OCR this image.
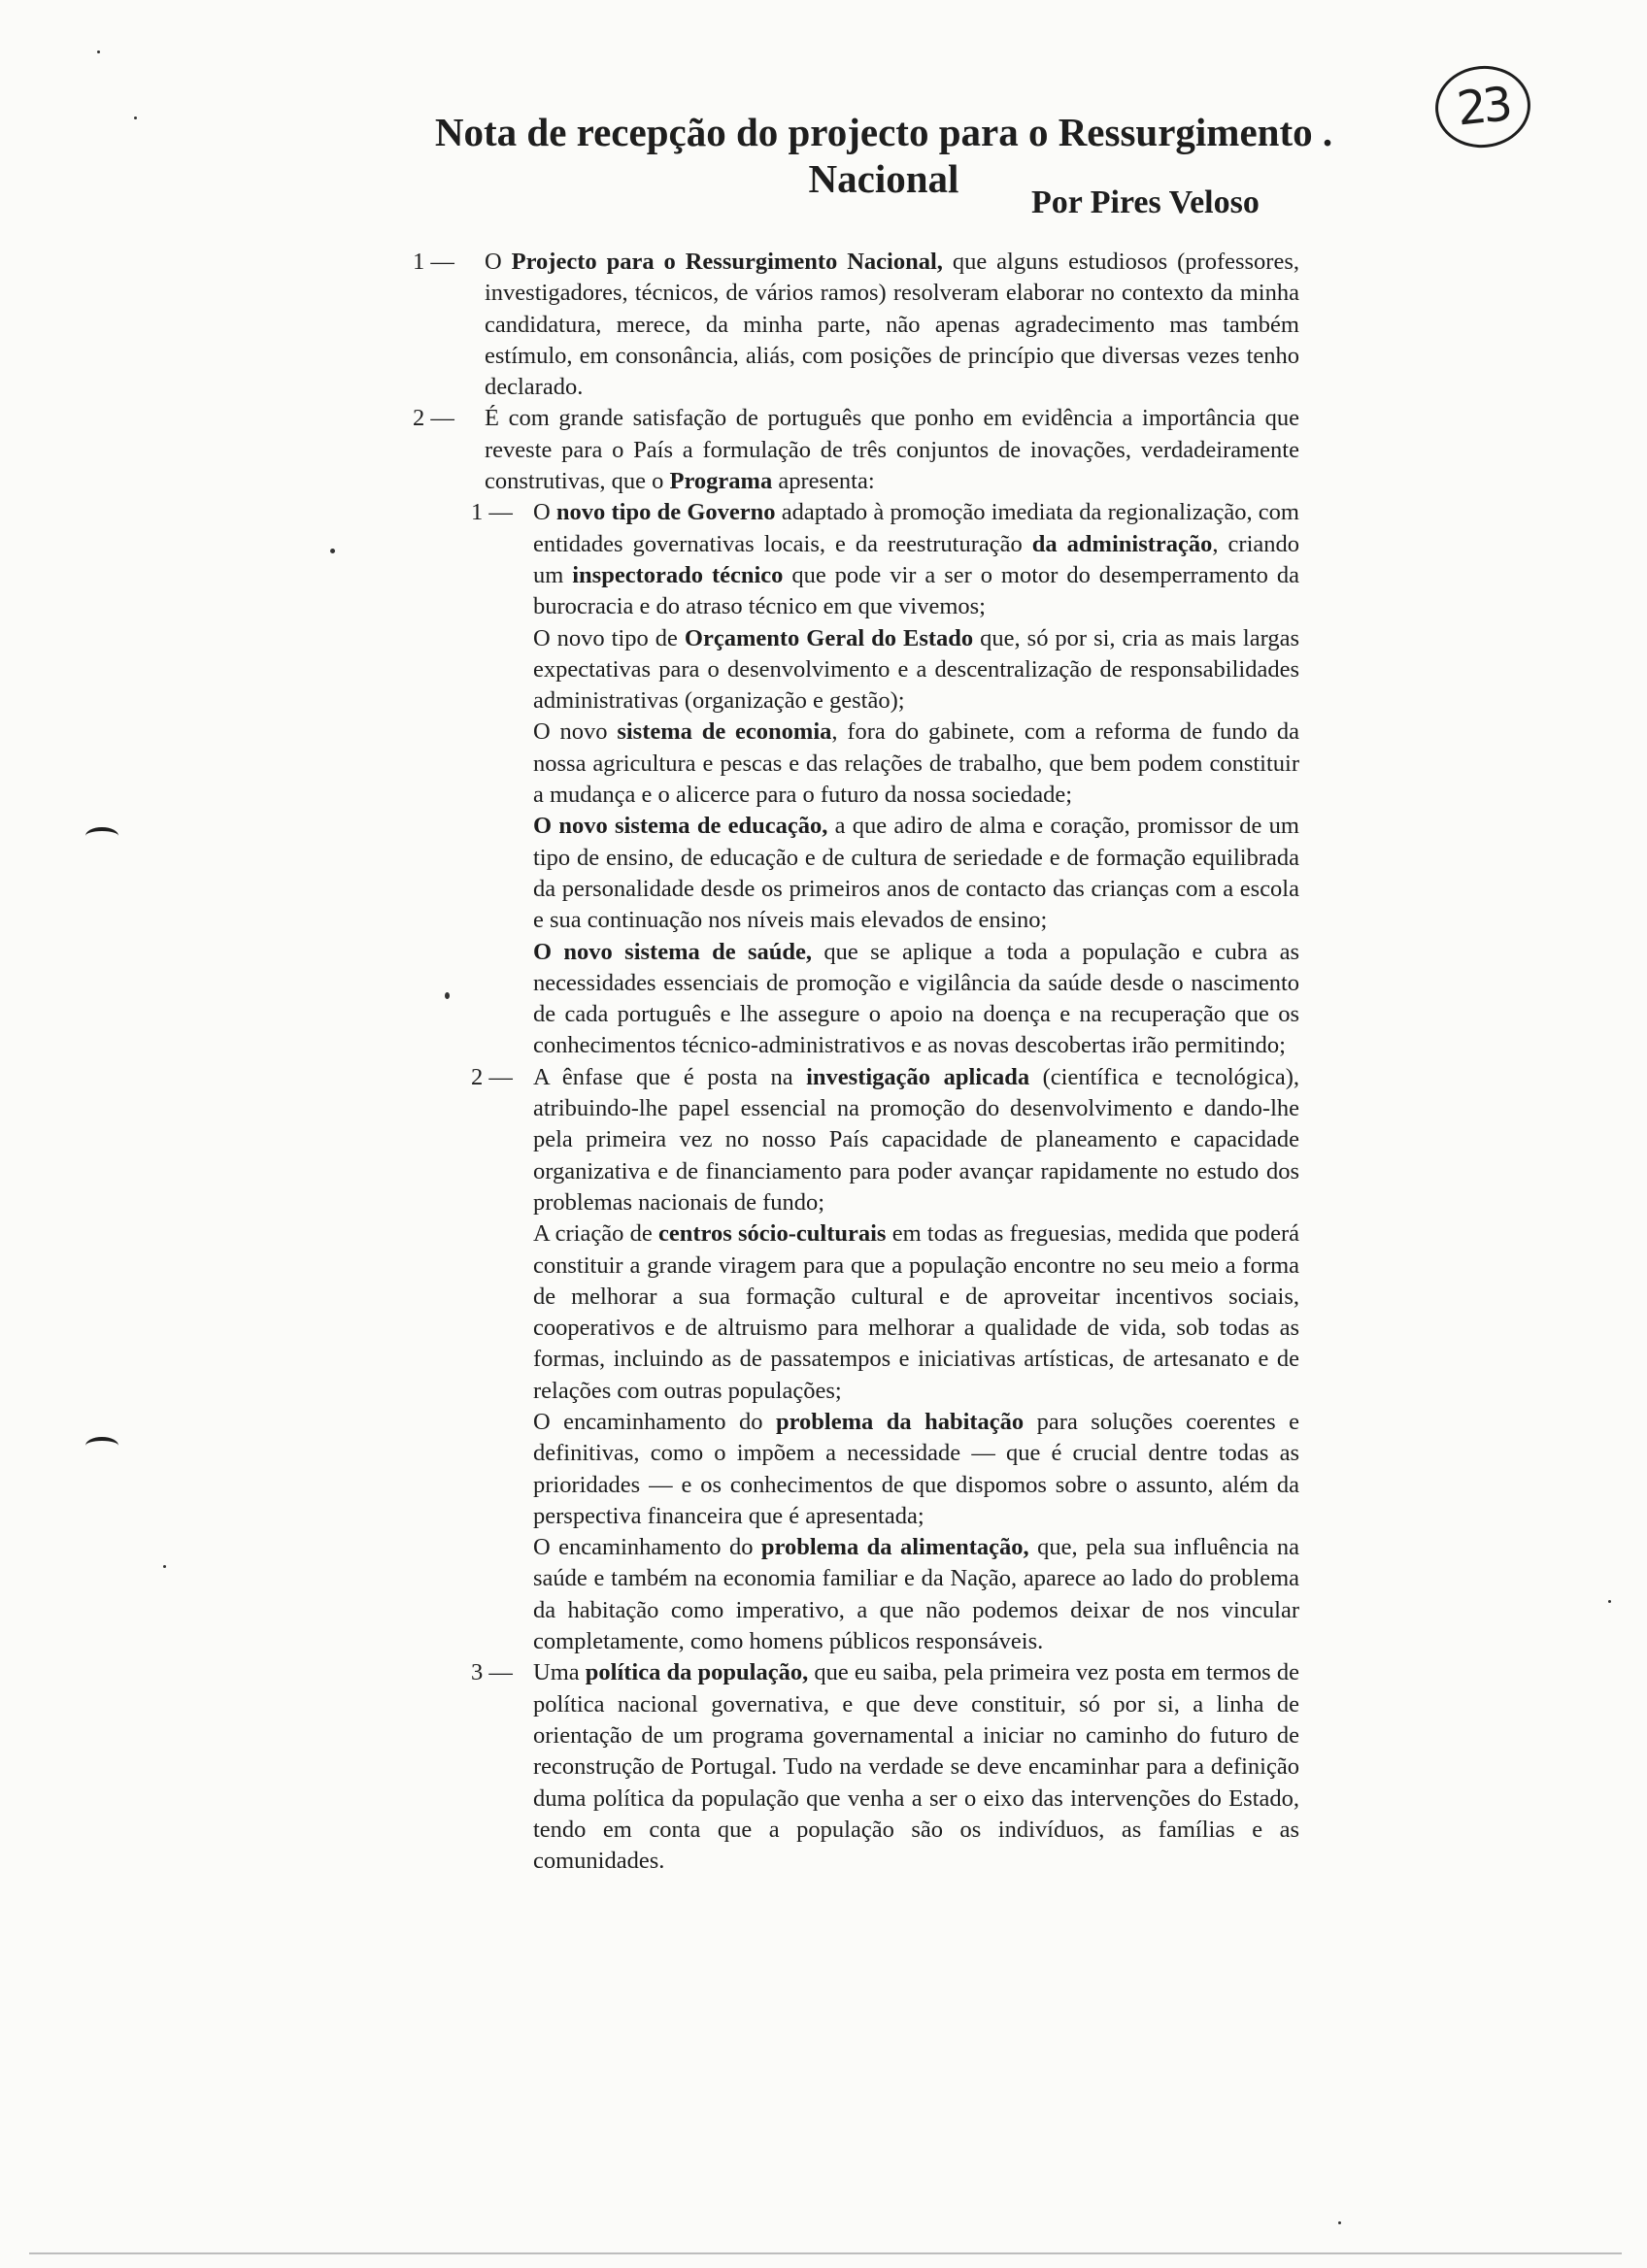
23
Nota de recepção do projecto para o Ressurgimento . Nacional

Por Pires Veloso

1 — O Projecto para o Ressurgimento Nacional, que alguns estudiosos (professores, investigadores, técnicos, de vários ramos) resolveram elaborar no contexto da minha candidatura, merece, da minha parte, não apenas agradecimento mas também estímulo, em consonância, aliás, com posições de princípio que diversas vezes tenho declarado.
2 — É com grande satisfação de português que ponho em evidência a importância que reveste para o País a formulação de três conjuntos de inovações, verdadeiramente construtivas, que o Programa apresenta:
1 — O novo tipo de Governo adaptado à promoção imediata da regionalização, com entidades governativas locais, e da reestruturação da administração, criando um inspectorado técnico que pode vir a ser o motor do desemperramento da burocracia e do atraso técnico em que vivemos;
O novo tipo de Orçamento Geral do Estado que, só por si, cria as mais largas expectativas para o desenvolvimento e a descentralização de responsabilidades administrativas (organização e gestão);
O novo sistema de economia, fora do gabinete, com a reforma de fundo da nossa agricultura e pescas e das relações de trabalho, que bem podem constituir a mudança e o alicerce para o futuro da nossa sociedade;
O novo sistema de educação, a que adiro de alma e coração, promissor de um tipo de ensino, de educação e de cultura de seriedade e de formação equilibrada da personalidade desde os primeiros anos de contacto das crianças com a escola e sua continuação nos níveis mais elevados de ensino;
O novo sistema de saúde, que se aplique a toda a população e cubra as necessidades essenciais de promoção e vigilância da saúde desde o nascimento de cada português e lhe assegure o apoio na doença e na recuperação que os conhecimentos técnico-administrativos e as novas descobertas irão permitindo;
2 — A ênfase que é posta na investigação aplicada (científica e tecnológica), atribuindo-lhe papel essencial na promoção do desenvolvimento e dando-lhe pela primeira vez no nosso País capacidade de planeamento e capacidade organizativa e de financiamento para poder avançar rapidamente no estudo dos problemas nacionais de fundo;
A criação de centros sócio-culturais em todas as freguesias, medida que poderá constituir a grande viragem para que a população encontre no seu meio a forma de melhorar a sua formação cultural e de aproveitar incentivos sociais, cooperativos e de altruismo para melhorar a qualidade de vida, sob todas as formas, incluindo as de passatempos e iniciativas artísticas, de artesanato e de relações com outras populações;
O encaminhamento do problema da habitação para soluções coerentes e definitivas, como o impõem a necessidade — que é crucial dentre todas as prioridades — e os conhecimentos de que dispomos sobre o assunto, além da perspectiva financeira que é apresentada;
O encaminhamento do problema da alimentação, que, pela sua influência na saúde e também na economia familiar e da Nação, aparece ao lado do problema da habitação como imperativo, a que não podemos deixar de nos vincular completamente, como homens públicos responsáveis.
3 — Uma política da população, que eu saiba, pela primeira vez posta em termos de política nacional governativa, e que deve constituir, só por si, a linha de orientação de um programa governamental a iniciar no caminho do futuro de reconstrução de Portugal. Tudo na verdade se deve encaminhar para a definição duma política da população que venha a ser o eixo das intervenções do Estado, tendo em conta que a população são os indivíduos, as famílias e as comunidades.
